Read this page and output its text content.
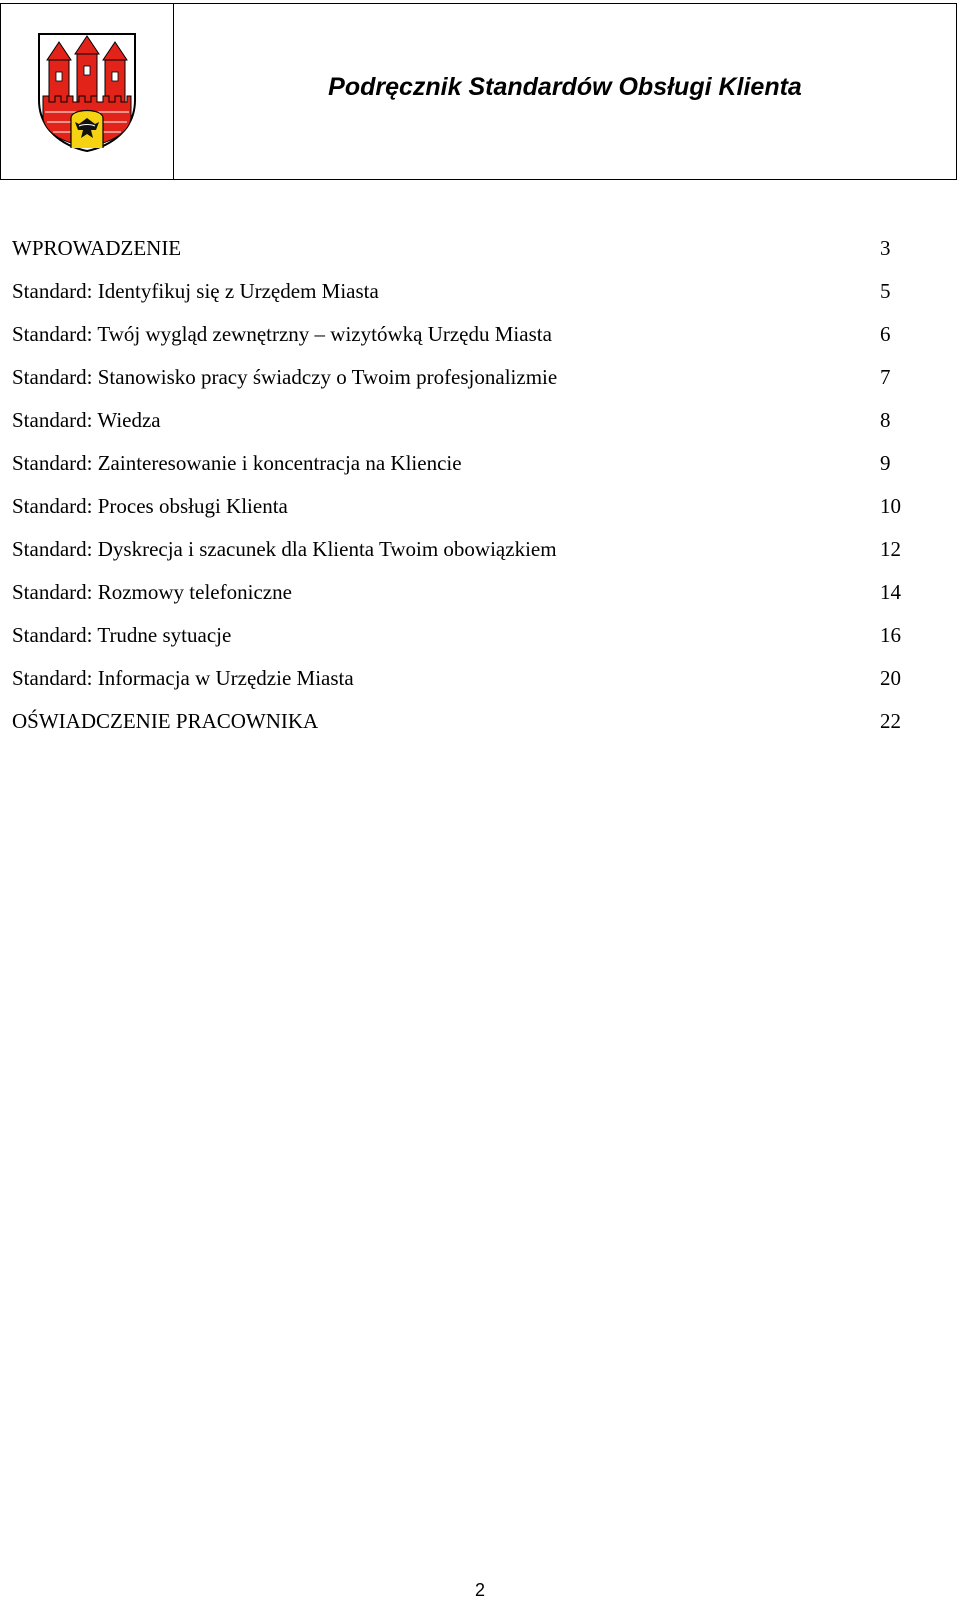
Podręcznik Standardów Obsługi Klienta
WPROWADZENIE	3
Standard: Identyfikuj się z Urzędem Miasta	5
Standard: Twój wygląd zewnętrzny – wizytówką Urzędu Miasta	6
Standard: Stanowisko pracy świadczy o Twoim profesjonalizmie	7
Standard: Wiedza	8
Standard: Zainteresowanie i koncentracja na Kliencie	9
Standard: Proces obsługi Klienta	10
Standard: Dyskrecja i szacunek dla Klienta Twoim obowiązkiem	12
Standard: Rozmowy telefoniczne	14
Standard: Trudne sytuacje	16
Standard: Informacja w Urzędzie Miasta	20
OŚWIADCZENIE PRACOWNIKA	22
2
